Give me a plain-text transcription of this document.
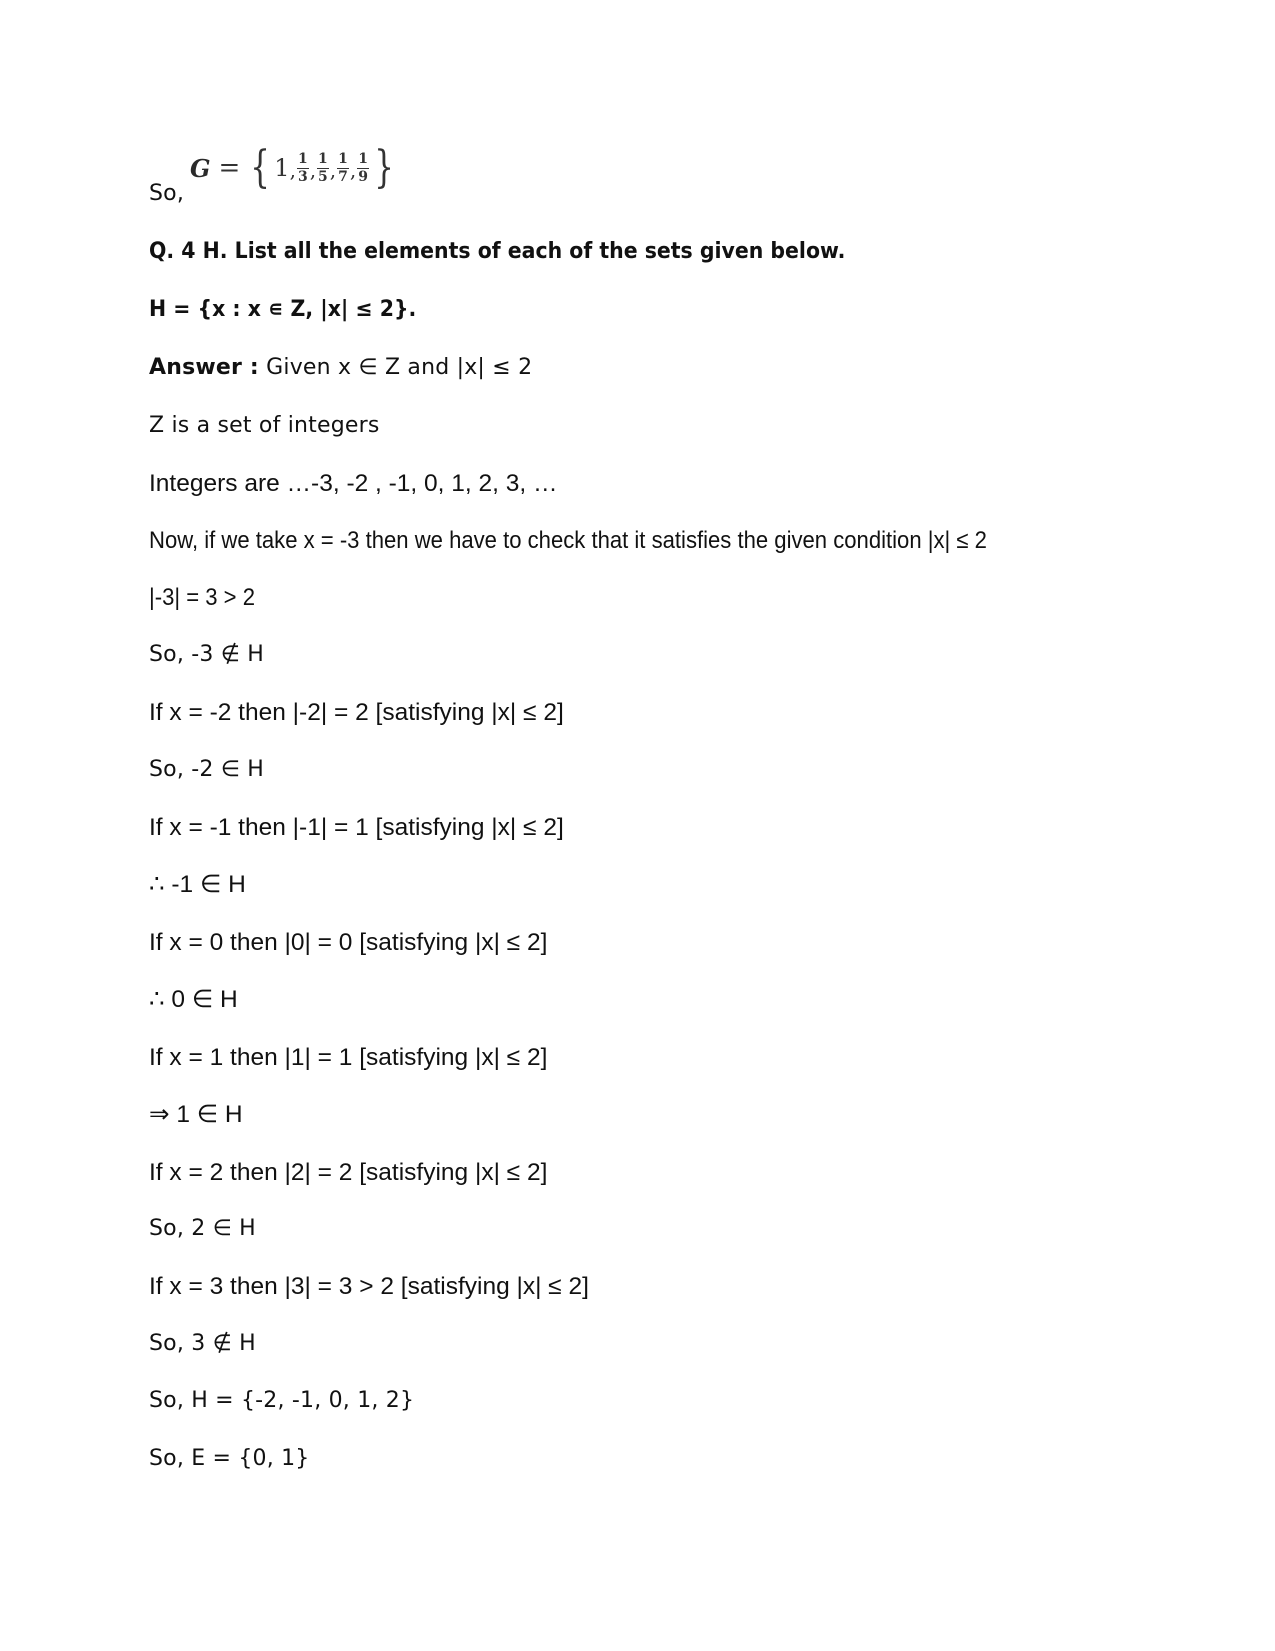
So,
G = { 1 , $\frac{1}{3}$ , $\frac{1}{5}$ , $\frac{1}{7}$ , $\frac{1}{9}$ }
Q. 4 H. List all the elements of each of the sets given below.
H = {x : x ∊ Z, |x| ≤ 2}.
Answer : Given x ∈ Z and |x| ≤ 2
Z is a set of integers
Integers are …-3, -2 , -1, 0, 1, 2, 3, …
Now, if we take x = -3 then we have to check that it satisfies the given condition |x| ≤ 2
|-3| = 3 > 2
So, -3 ∉ H
If x = -2 then |-2| = 2 [satisfying |x| ≤ 2]
So, -2 ∈ H
If x = -1 then |-1| = 1 [satisfying |x| ≤ 2]
∴ -1 ∈ H
If x = 0 then |0| = 0 [satisfying |x| ≤ 2]
∴ 0 ∈ H
If x = 1 then |1| = 1 [satisfying |x| ≤ 2]
⇒ 1 ∈ H
If x = 2 then |2| = 2 [satisfying |x| ≤ 2]
So, 2 ∈ H
If x = 3 then |3| = 3 > 2 [satisfying |x| ≤ 2]
So, 3 ∉ H
So, H = {-2, -1, 0, 1, 2}
So, E = {0, 1}
